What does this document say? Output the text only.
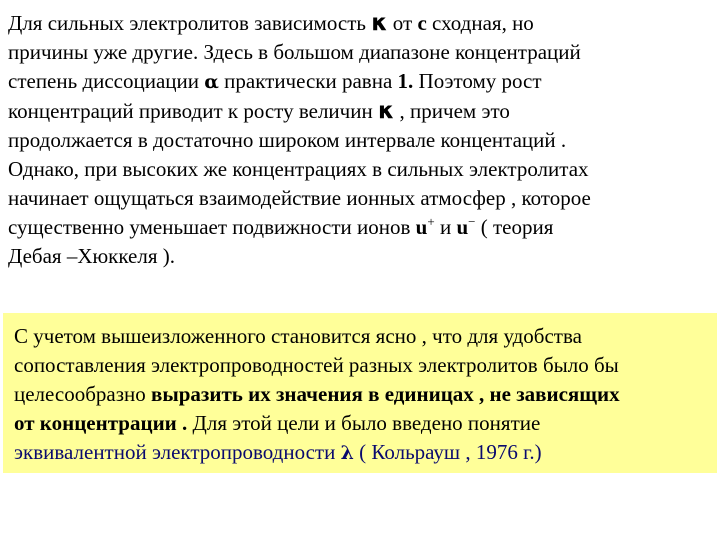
Для сильных электролитов зависимость κ от с сходная, но
причины уже другие. Здесь в большом диапазоне концентраций
степень диссоциации α практически равна 1. Поэтому рост
концентраций приводит к росту величин κ , причем это
продолжается в достаточно широком интервале концентаций .
Однако, при высоких же концентрациях в сильных электролитах
начинает ощущаться взаимодействие ионных атмосфер , которое
существенно уменьшает подвижности ионов u+ и u− ( теория
Дебая –Хюккеля ).
С учетом вышеизложенного становится ясно , что для удобства
сопоставления электропроводностей разных электролитов было бы
целесообразно выразить их значения в единицах , не зависящих
от концентрации . Для этой цели и было введено понятие
эквивалентной электропроводности λ ( Кольрауш , 1976 г.)
